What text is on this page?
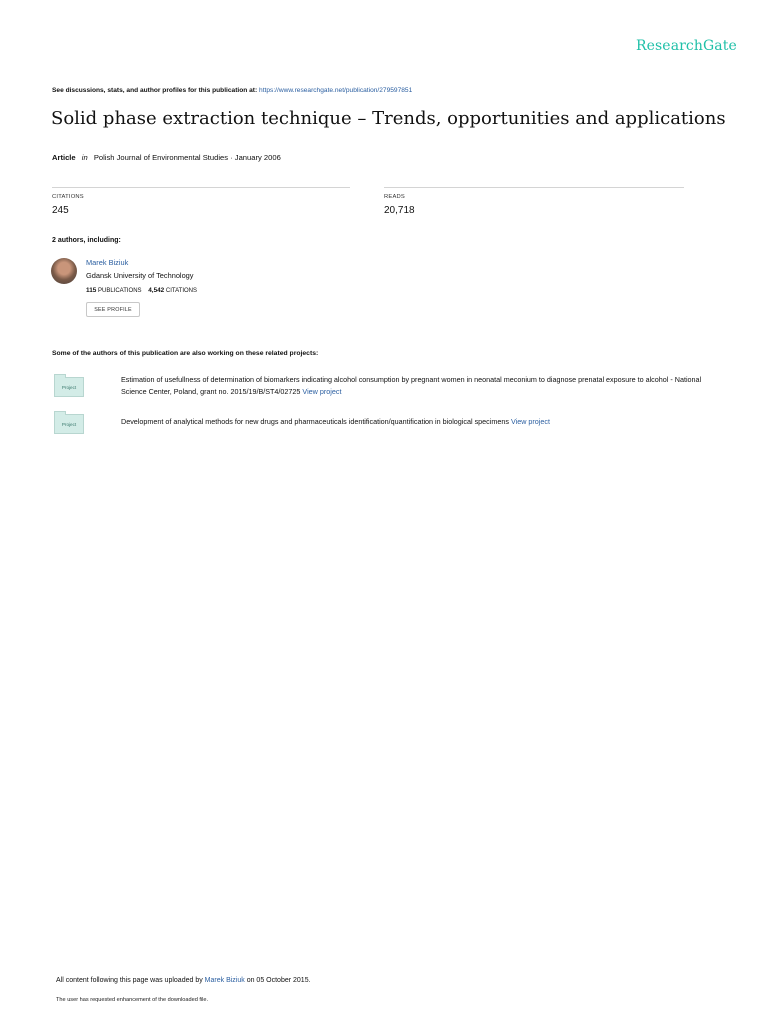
ResearchGate
See discussions, stats, and author profiles for this publication at: https://www.researchgate.net/publication/279597851
Solid phase extraction technique – Trends, opportunities and applications
Article in Polish Journal of Environmental Studies · January 2006
CITATIONS
245
READS
20,718
2 authors, including:
Marek Biziuk
Gdansk University of Technology
115 PUBLICATIONS 4,542 CITATIONS
SEE PROFILE
Some of the authors of this publication are also working on these related projects:
Project
Estimation of usefullness of determination of biomarkers indicating alcohol consumption by pregnant women in neonatal meconium to diagnose prenatal exposure to alcohol - National Science Center, Poland, grant no. 2015/19/B/ST4/02725 View project
Project	Development of analytical methods for new drugs and pharmaceuticals identification/quantification in biological specimens View project
All content following this page was uploaded by Marek Biziuk on 05 October 2015.
The user has requested enhancement of the downloaded file.
